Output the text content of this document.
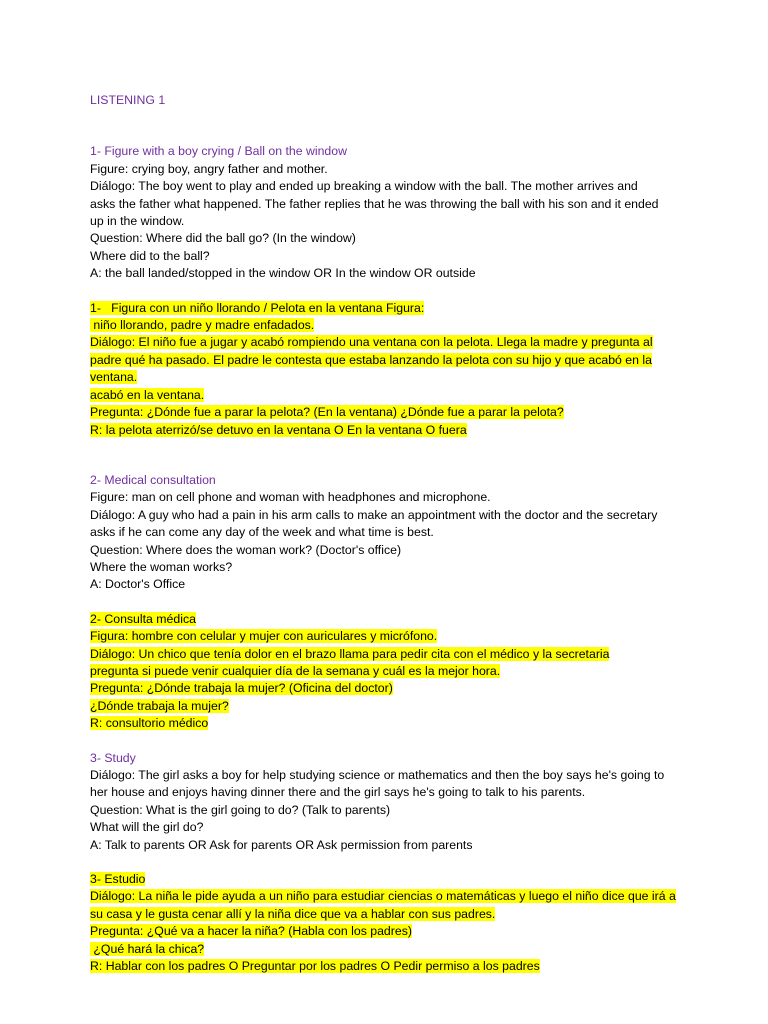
LISTENING 1
1- Figure with a boy crying / Ball on the window
Figure: crying boy, angry father and mother.
Diálogo: The boy went to play and ended up breaking a window with the ball. The mother arrives and asks the father what happened. The father replies that he was throwing the ball with his son and it ended up in the window.
Question: Where did the ball go? (In the window)
Where did to the ball?
A: the ball landed/stopped in the window OR In the window OR outside
1-   Figura con un niño llorando / Pelota en la ventana Figura:
niño llorando, padre y madre enfadados.
Diálogo: El niño fue a jugar y acabó rompiendo una ventana con la pelota. Llega la madre y pregunta al padre qué ha pasado. El padre le contesta que estaba lanzando la pelota con su hijo y que acabó en la ventana.
acabó en la ventana.
Pregunta: ¿Dónde fue a parar la pelota? (En la ventana) ¿Dónde fue a parar la pelota?
R: la pelota aterrizó/se detuvo en la ventana O En la ventana O fuera
2- Medical consultation
Figure: man on cell phone and woman with headphones and microphone.
Diálogo: A guy who had a pain in his arm calls to make an appointment with the doctor and the secretary asks if he can come any day of the week and what time is best.
Question: Where does the woman work? (Doctor's office)
Where the woman works?
A: Doctor's Office
2- Consulta médica
Figura: hombre con celular y mujer con auriculares y micrófono.
Diálogo: Un chico que tenía dolor en el brazo llama para pedir cita con el médico y la secretaria pregunta si puede venir cualquier día de la semana y cuál es la mejor hora.
Pregunta: ¿Dónde trabaja la mujer? (Oficina del doctor)
¿Dónde trabaja la mujer?
R: consultorio médico
3- Study
Diálogo: The girl asks a boy for help studying science or mathematics and then the boy says he's going to her house and enjoys having dinner there and the girl says he's going to talk to his parents.
Question: What is the girl going to do? (Talk to parents)
What will the girl do?
A: Talk to parents OR Ask for parents OR Ask permission from parents
3- Estudio
Diálogo: La niña le pide ayuda a un niño para estudiar ciencias o matemáticas y luego el niño dice que irá a su casa y le gusta cenar allí y la niña dice que va a hablar con sus padres.
Pregunta: ¿Qué va a hacer la niña? (Habla con los padres)
¿Qué hará la chica?
R: Hablar con los padres O Preguntar por los padres O Pedir permiso a los padres
